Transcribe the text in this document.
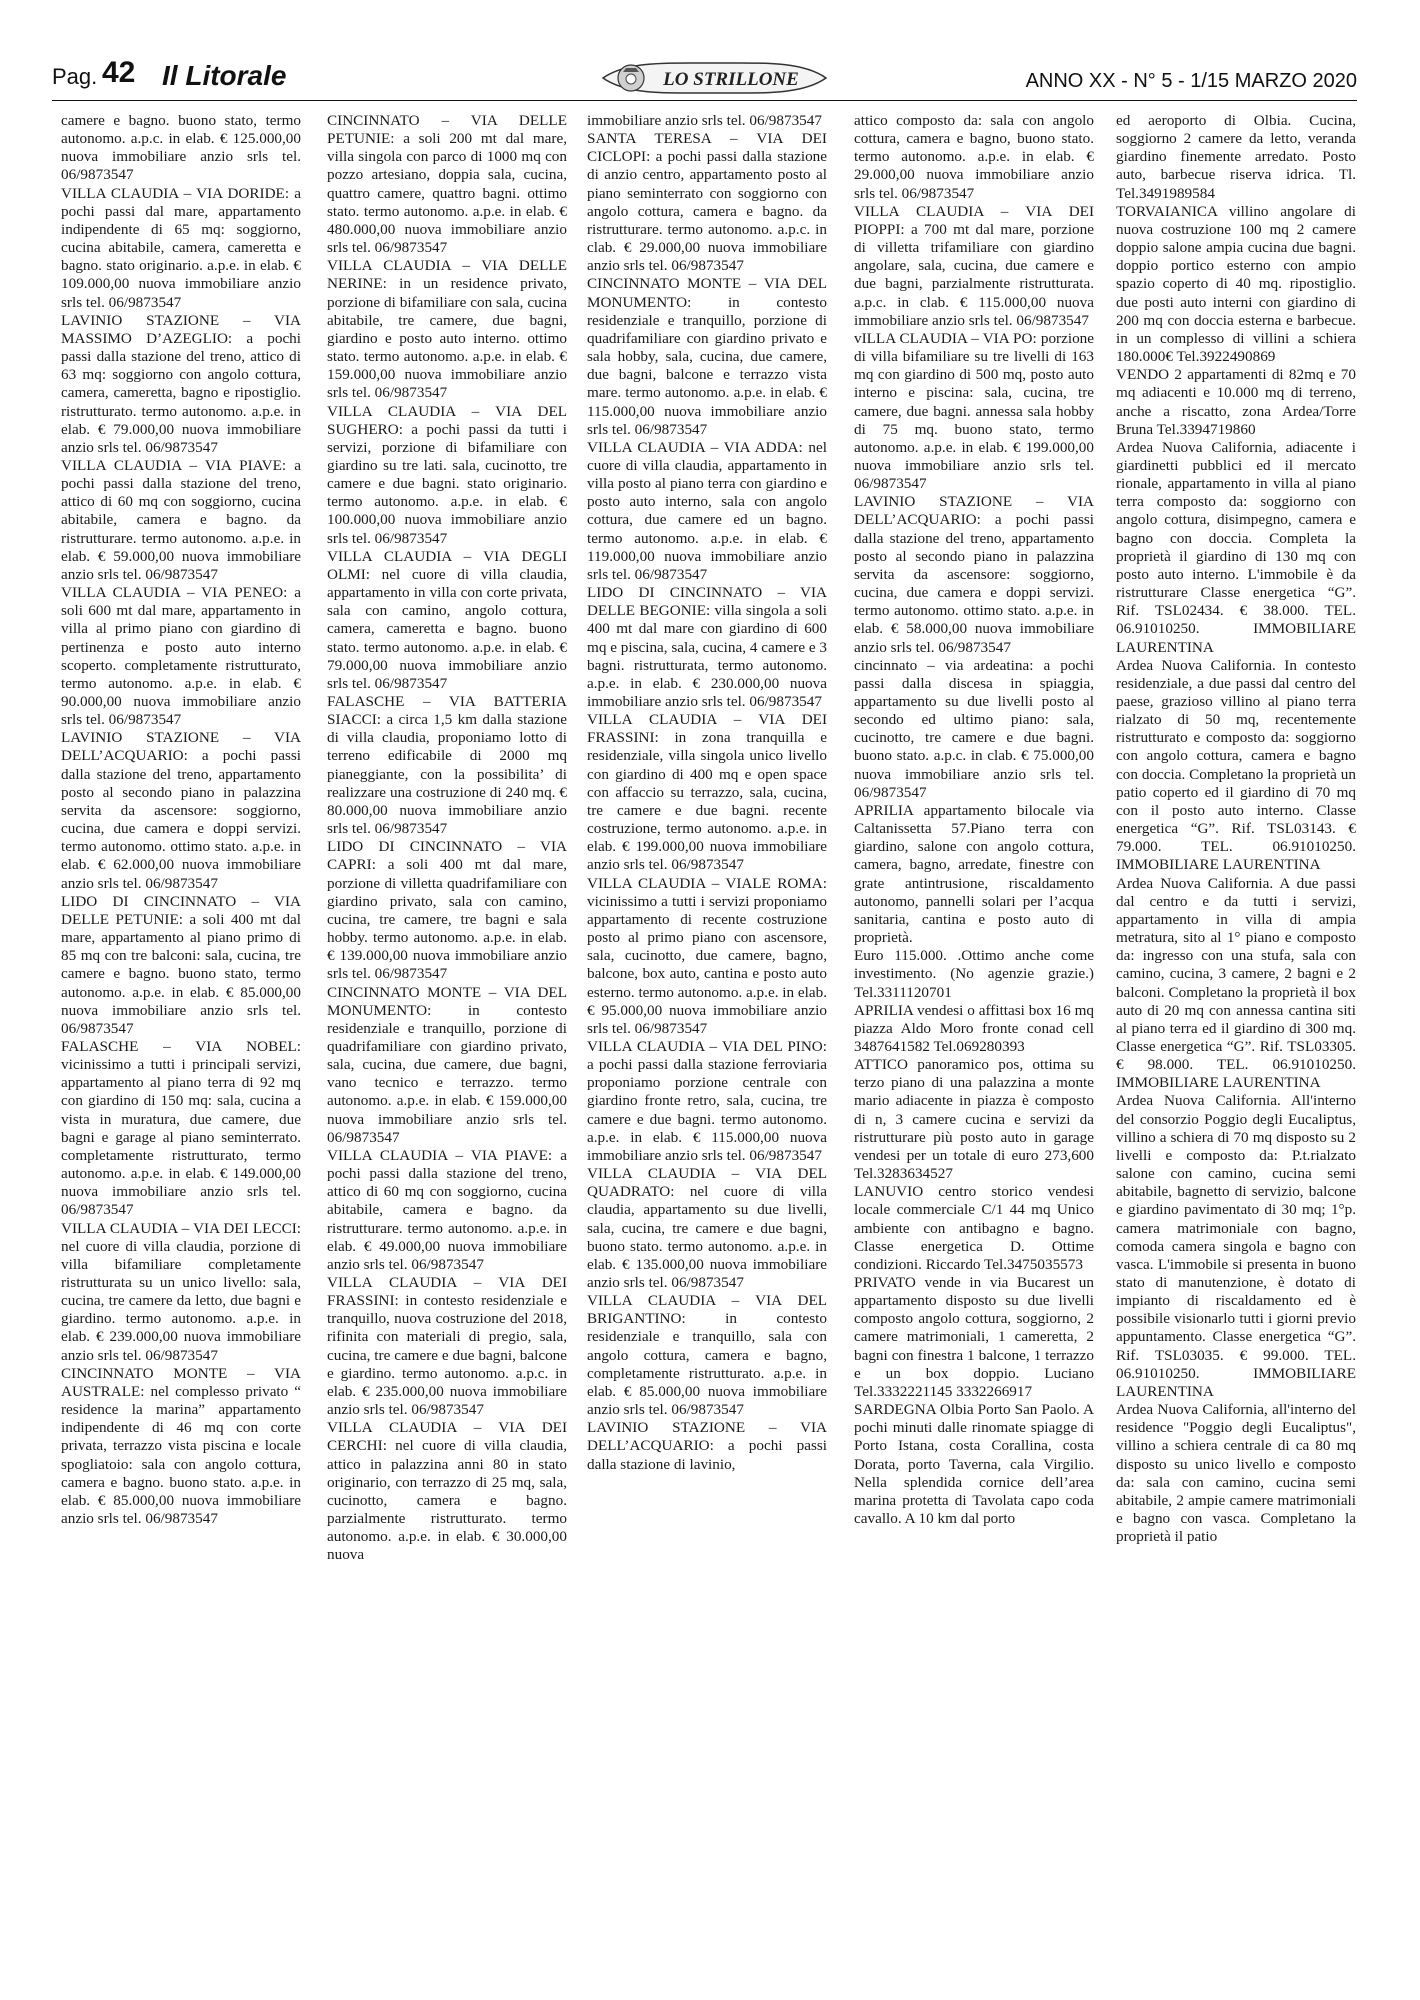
Pag. 42 Il Litorale	LO STRILLONE	ANNO XX - N° 5 - 1/15 MARZO 2020

camere e bagno. buono stato, termo autonomo. a.p.c. in elab. € 125.000,00 nuova immobiliare anzio srls tel. 06/9873547

VILLA CLAUDIA – VIA DORIDE: a pochi passi dal mare, appartamento indipendente di 65 mq: soggiorno, cucina abitabile, camera, cameretta e bagno. stato originario. a.p.e. in elab. € 109.000,00 nuova immobiliare anzio srls tel. 06/9873547

LAVINIO STAZIONE – VIA MASSIMO D’AZEGLIO: a pochi passi dalla stazione del treno, attico di 63 mq: soggiorno con angolo cottura, camera, cameretta, bagno e ripostiglio. ristrutturato. termo autonomo. a.p.e. in elab. € 79.000,00 nuova immobiliare anzio srls tel. 06/9873547

VILLA CLAUDIA – VIA PIAVE: a pochi passi dalla stazione del treno, attico di 60 mq con soggiorno, cucina abitabile, camera e bagno. da ristrutturare. termo autonomo. a.p.e. in elab. € 59.000,00 nuova immobiliare anzio srls tel. 06/9873547

VILLA CLAUDIA – VIA PENEO: a soli 600 mt dal mare, appartamento in villa al primo piano con giardino di pertinenza e posto auto interno scoperto. completamente ristrutturato, termo autonomo. a.p.e. in elab. € 90.000,00 nuova immobiliare anzio srls tel. 06/9873547

LAVINIO STAZIONE – VIA DELL’ACQUARIO: a pochi passi dalla stazione del treno, appartamento posto al secondo piano in palazzina servita da ascensore: soggiorno, cucina, due camera e doppi servizi. termo autonomo. ottimo stato. a.p.e. in elab. € 62.000,00 nuova immobiliare anzio srls tel. 06/9873547

LIDO DI CINCINNATO – VIA DELLE PETUNIE: a soli 400 mt dal mare, appartamento al piano primo di 85 mq con tre balconi: sala, cucina, tre camere e bagno. buono stato, termo autonomo. a.p.e. in elab. € 85.000,00 nuova immobiliare anzio srls tel. 06/9873547

FALASCHE – VIA NOBEL: vicinissimo a tutti i principali servizi, appartamento al piano terra di 92 mq con giardino di 150 mq: sala, cucina a vista in muratura, due camere, due bagni e garage al piano seminterrato. completamente ristrutturato, termo autonomo. a.p.e. in elab. € 149.000,00 nuova immobiliare anzio srls tel. 06/9873547

VILLA CLAUDIA – VIA DEI LECCI: nel cuore di villa claudia, porzione di villa bifamiliare completamente ristrutturata su un unico livello: sala, cucina, tre camere da letto, due bagni e giardino. termo autonomo. a.p.e. in elab. € 239.000,00 nuova immobiliare anzio srls tel. 06/9873547

CINCINNATO MONTE – VIA AUSTRALE: nel complesso privato “ residence la marina” appartamento indipendente di 46 mq con corte privata, terrazzo vista piscina e locale spogliatoio: sala con angolo cottura, camera e bagno. buono stato. a.p.e. in elab. € 85.000,00 nuova immobiliare anzio srls tel. 06/9873547

CINCINNATO – VIA DELLE PETUNIE: a soli 200 mt dal mare, villa singola con parco di 1000 mq con pozzo artesiano, doppia sala, cucina, quattro camere, quattro bagni. ottimo stato. termo autonomo. a.p.e. in elab. € 480.000,00 nuova immobiliare anzio srls tel. 06/9873547

VILLA CLAUDIA – VIA DELLE NERINE: in un residence privato, porzione di bifamiliare con sala, cucina abitabile, tre camere, due bagni, giardino e posto auto interno. ottimo stato. termo autonomo. a.p.e. in elab. € 159.000,00 nuova immobiliare anzio srls tel. 06/9873547

VILLA CLAUDIA – VIA DEL SUGHERO: a pochi passi da tutti i servizi, porzione di bifamiliare con giardino su tre lati. sala, cucinotto, tre camere e due bagni. stato originario. termo autonomo. a.p.e. in elab. € 100.000,00 nuova immobiliare anzio srls tel. 06/9873547

VILLA CLAUDIA – VIA DEGLI OLMI: nel cuore di villa claudia, appartamento in villa con corte privata, sala con camino, angolo cottura, camera, cameretta e bagno. buono stato. termo autonomo. a.p.e. in elab. € 79.000,00 nuova immobiliare anzio srls tel. 06/9873547

FALASCHE – VIA BATTERIA SIACCI: a circa 1,5 km dalla stazione di villa claudia, proponiamo lotto di terreno edificabile di 2000 mq pianeggiante, con la possibilita’ di realizzare una costruzione di 240 mq. € 80.000,00 nuova immobiliare anzio srls tel. 06/9873547

LIDO DI CINCINNATO – VIA CAPRI: a soli 400 mt dal mare, porzione di villetta quadrifamiliare con giardino privato, sala con camino, cucina, tre camere, tre bagni e sala hobby. termo autonomo. a.p.e. in elab. € 139.000,00 nuova immobiliare anzio srls tel. 06/9873547

CINCINNATO MONTE – VIA DEL MONUMENTO: in contesto residenziale e tranquillo, porzione di quadrifamiliare con giardino privato, sala, cucina, due camere, due bagni, vano tecnico e terrazzo. termo autonomo. a.p.e. in elab. € 159.000,00 nuova immobiliare anzio srls tel. 06/9873547

VILLA CLAUDIA – VIA PIAVE: a pochi passi dalla stazione del treno, attico di 60 mq con soggiorno, cucina abitabile, camera e bagno. da ristrutturare. termo autonomo. a.p.e. in elab. € 49.000,00 nuova immobiliare anzio srls tel. 06/9873547

VILLA CLAUDIA – VIA DEI FRASSINI: in contesto residenziale e tranquillo, nuova costruzione del 2018, rifinita con materiali di pregio, sala, cucina, tre camere e due bagni, balcone e giardino. termo autonomo. a.p.c. in elab. € 235.000,00 nuova immobiliare anzio srls tel. 06/9873547

VILLA CLAUDIA – VIA DEI CERCHI: nel cuore di villa claudia, attico in palazzina anni 80 in stato originario, con terrazzo di 25 mq, sala, cucinotto, camera e bagno. parzialmente ristrutturato. termo autonomo. a.p.e. in elab. € 30.000,00 nuova

immobiliare anzio srls tel. 06/9873547

SANTA TERESA – VIA DEI CICLOPI: a pochi passi dalla stazione di anzio centro, appartamento posto al piano seminterrato con soggiorno con angolo cottura, camera e bagno. da ristrutturare. termo autonomo. a.p.c. in clab. € 29.000,00 nuova immobiliare anzio srls tel. 06/9873547

CINCINNATO MONTE – VIA DEL MONUMENTO: in contesto residenziale e tranquillo, porzione di quadrifamiliare con giardino privato e sala hobby, sala, cucina, due camere, due bagni, balcone e terrazzo vista mare. termo autonomo. a.p.e. in elab. € 115.000,00 nuova immobiliare anzio srls tel. 06/9873547

VILLA CLAUDIA – VIA ADDA: nel cuore di villa claudia, appartamento in villa posto al piano terra con giardino e posto auto interno, sala con angolo cottura, due camere ed un bagno. termo autonomo. a.p.e. in elab. € 119.000,00 nuova immobiliare anzio srls tel. 06/9873547

LIDO DI CINCINNATO – VIA DELLE BEGONIE: villa singola a soli 400 mt dal mare con giardino di 600 mq e piscina, sala, cucina, 4 camere e 3 bagni. ristrutturata, termo autonomo. a.p.e. in elab. € 230.000,00 nuova immobiliare anzio srls tel. 06/9873547

VILLA CLAUDIA – VIA DEI FRASSINI: in zona tranquilla e residenziale, villa singola unico livello con giardino di 400 mq e open space con affaccio su terrazzo, sala, cucina, tre camere e due bagni. recente costruzione, termo autonomo. a.p.e. in elab. € 199.000,00 nuova immobiliare anzio srls tel. 06/9873547

VILLA CLAUDIA – VIALE ROMA: vicinissimo a tutti i servizi proponiamo appartamento di recente costruzione posto al primo piano con ascensore, sala, cucinotto, due camere, bagno, balcone, box auto, cantina e posto auto esterno. termo autonomo. a.p.e. in elab. € 95.000,00 nuova immobiliare anzio srls tel. 06/9873547

VILLA CLAUDIA – VIA DEL PINO: a pochi passi dalla stazione ferroviaria proponiamo porzione centrale con giardino fronte retro, sala, cucina, tre camere e due bagni. termo autonomo. a.p.e. in elab. € 115.000,00 nuova immobiliare anzio srls tel. 06/9873547

VILLA CLAUDIA – VIA DEL QUADRATO: nel cuore di villa claudia, appartamento su due livelli, sala, cucina, tre camere e due bagni, buono stato. termo autonomo. a.p.e. in elab. € 135.000,00 nuova immobiliare anzio srls tel. 06/9873547

VILLA CLAUDIA – VIA DEL BRIGANTINO: in contesto residenziale e tranquillo, sala con angolo cottura, camera e bagno, completamente ristrutturato. a.p.e. in elab. € 85.000,00 nuova immobiliare anzio srls tel. 06/9873547

LAVINIO STAZIONE – VIA DELL’ACQUARIO: a pochi passi dalla stazione di lavinio,

attico composto da: sala con angolo cottura, camera e bagno, buono stato. termo autonomo. a.p.e. in elab. € 29.000,00 nuova immobiliare anzio srls tel. 06/9873547

VILLA CLAUDIA – VIA DEI PIOPPI: a 700 mt dal mare, porzione di villetta trifamiliare con giardino angolare, sala, cucina, due camere e due bagni, parzialmente ristrutturata. a.p.c. in clab. € 115.000,00 nuova immobiliare anzio srls tel. 06/9873547

vILLA CLAUDIA – VIA PO: porzione di villa bifamiliare su tre livelli di 163 mq con giardino di 500 mq, posto auto interno e piscina: sala, cucina, tre camere, due bagni. annessa sala hobby di 75 mq. buono stato, termo autonomo. a.p.e. in elab. € 199.000,00 nuova immobiliare anzio srls tel. 06/9873547

LAVINIO STAZIONE – VIA DELL’ACQUARIO: a pochi passi dalla stazione del treno, appartamento posto al secondo piano in palazzina servita da ascensore: soggiorno, cucina, due camera e doppi servizi. termo autonomo. ottimo stato. a.p.e. in elab. € 58.000,00 nuova immobiliare anzio srls tel. 06/9873547

cincinnato – via ardeatina: a pochi passi dalla discesa in spiaggia, appartamento su due livelli posto al secondo ed ultimo piano: sala, cucinotto, tre camere e due bagni. buono stato. a.p.c. in clab. € 75.000,00 nuova immobiliare anzio srls tel. 06/9873547

APRILIA appartamento bilocale via Caltanissetta 57.Piano terra con giardino, salone con angolo cottura, camera, bagno, arredate, finestre con grate antintrusione, riscaldamento autonomo, pannelli solari per l’acqua sanitaria, cantina e posto auto di proprietà.

Euro 115.000. .Ottimo anche come investimento. (No agenzie grazie.) Tel.3311120701

APRILIA vendesi o affittasi box 16 mq piazza Aldo Moro fronte conad cell 3487641582 Tel.069280393

ATTICO panoramico pos, ottima su terzo piano di una palazzina a monte mario adiacente in piazza è composto di n, 3 camere cucina e servizi da ristrutturare più posto auto in garage vendesi per un totale di euro 273,600 Tel.3283634527

LANUVIO centro storico vendesi locale commerciale C/1 44 mq Unico ambiente con antibagno e bagno. Classe energetica D. Ottime condizioni. Riccardo Tel.3475035573

PRIVATO vende in via Bucarest un appartamento disposto su due livelli composto angolo cottura, soggiorno, 2 camere matrimoniali, 1 cameretta, 2 bagni con finestra 1 balcone, 1 terrazzo e un box doppio. Luciano Tel.3332221145 3332266917

SARDEGNA Olbia Porto San Paolo. A pochi minuti dalle rinomate spiagge di Porto Istana, costa Corallina, costa Dorata, porto Taverna, cala Virgilio. Nella splendida cornice dell’area marina protetta di Tavolata capo coda cavallo. A 10 km dal porto

ed aeroporto di Olbia. Cucina, soggiorno 2 camere da letto, veranda giardino finemente arredato. Posto auto, barbecue riserva idrica. Tl. Tel.3491989584

TORVAIANICA villino angolare di nuova costruzione 100 mq 2 camere doppio salone ampia cucina due bagni. doppio portico esterno con ampio spazio coperto di 40 mq. ripostiglio. due posti auto interni con giardino di 200 mq con doccia esterna e barbecue. in un complesso di villini a schiera 180.000€ Tel.3922490869

VENDO 2 appartamenti di 82mq e 70 mq adiacenti e 10.000 mq di terreno, anche a riscatto, zona Ardea/Torre Bruna Tel.3394719860

Ardea Nuova California, adiacente i giardinetti pubblici ed il mercato rionale, appartamento in villa al piano terra composto da: soggiorno con angolo cottura, disimpegno, camera e bagno con doccia. Completa la proprietà il giardino di 130 mq con posto auto interno. L'immobile è da ristrutturare Classe energetica “G”. Rif. TSL02434. € 38.000. TEL. 06.91010250. IMMOBILIARE LAURENTINA

Ardea Nuova California. In contesto residenziale, a due passi dal centro del paese, grazioso villino al piano terra rialzato di 50 mq, recentemente ristrutturato e composto da: soggiorno con angolo cottura, camera e bagno con doccia. Completano la proprietà un patio coperto ed il giardino di 70 mq con il posto auto interno. Classe energetica “G”. Rif. TSL03143. € 79.000. TEL. 06.91010250. IMMOBILIARE LAURENTINA

Ardea Nuova California. A due passi dal centro e da tutti i servizi, appartamento in villa di ampia metratura, sito al 1° piano e composto da: ingresso con una stufa, sala con camino, cucina, 3 camere, 2 bagni e 2 balconi. Completano la proprietà il box auto di 20 mq con annessa cantina siti al piano terra ed il giardino di 300 mq. Classe energetica “G”. Rif. TSL03305. € 98.000. TEL. 06.91010250. IMMOBILIARE LAURENTINA

Ardea Nuova California. All'interno del consorzio Poggio degli Eucaliptus, villino a schiera di 70 mq disposto su 2 livelli e composto da: P.t.rialzato salone con camino, cucina semi abitabile, bagnetto di servizio, balcone e giardino pavimentato di 30 mq; 1°p. camera matrimoniale con bagno, comoda camera singola e bagno con vasca. L'immobile si presenta in buono stato di manutenzione, è dotato di impianto di riscaldamento ed è possibile visionarlo tutti i giorni previo appuntamento. Classe energetica “G”. Rif. TSL03035. € 99.000. TEL. 06.91010250. IMMOBILIARE LAURENTINA

Ardea Nuova California, all'interno del residence "Poggio degli Eucaliptus", villino a schiera centrale di ca 80 mq disposto su unico livello e composto da: sala con camino, cucina semi abitabile, 2 ampie camere matrimoniali e bagno con vasca. Completano la proprietà il patio
